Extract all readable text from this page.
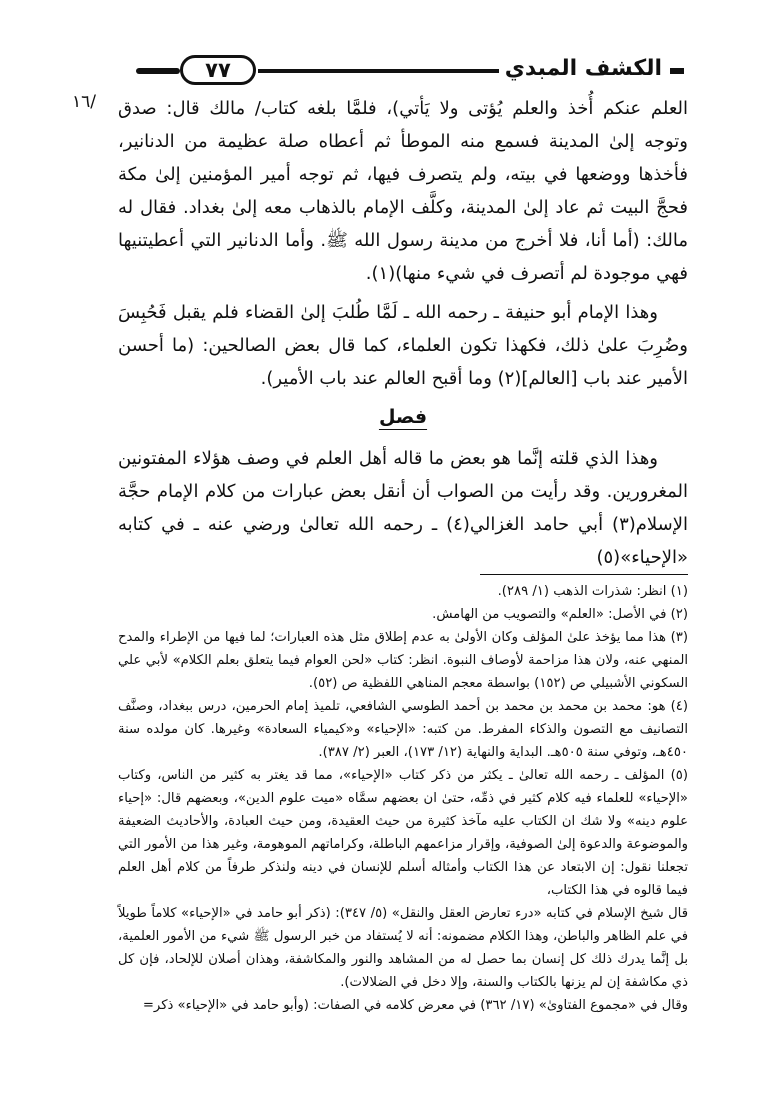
٧٧	الكشف المبدي
١٦/ العلم عنكم أُخذ والعلم يُؤتى ولا يَأتي)، فلمَّا بلغه كتاب/ مالك قال: صدق وتوجه إلىٰ المدينة فسمع منه الموطأ ثم أعطاه صلة عظيمة من الدنانير، فأخذها ووضعها في بيته، ولم يتصرف فيها، ثم توجه أمير المؤمنين إلىٰ مكة فحجَّ البيت ثم عاد إلىٰ المدينة، وكلَّف الإمام بالذهاب معه إلىٰ بغداد. فقال له مالك: (أما أنا، فلا أخرج من مدينة رسول الله ﷺ. وأما الدنانير التي أعطيتنيها فهي موجودة لم أتصرف في شيء منها)(١).

وهذا الإمام أبو حنيفة ـ رحمه الله ـ لَمَّا طُلبَ إلىٰ القضاء فلم يقبل فَحُبِسَ وضُرِبَ علىٰ ذلك، فكهذا تكون العلماء، كما قال بعض الصالحين: (ما أحسن الأمير عند باب [العالم](٢) وما أقبح العالم عند باب الأمير).

فصل

وهذا الذي قلته إنَّما هو بعض ما قاله أهل العلم في وصف هؤلاء المفتونين المغرورين. وقد رأيت من الصواب أن أنقل بعض عبارات من كلام الإمام حجَّة الإسلام(٣) أبي حامد الغزالي(٤) ـ رحمه الله تعالىٰ ورضي عنه ـ في كتابه «الإحياء»(٥)

(١) انظر: شذرات الذهب (١/ ٢٨٩).

(٢) في الأصل: «العلم» والتصويب من الهامش.

(٣) هذا مما يؤخذ علىٰ المؤلف وكان الأولىٰ به عدم إطلاق مثل هذه العبارات؛ لما فيها من الإطراء والمدح المنهي عنه، ولان هذا مزاحمة لأوصاف النبوة. انظر: كتاب «لحن العوام فيما يتعلق بعلم الكلام» لأبي علي السكوني الأشبيلي ص (١٥٢) بواسطة معجم المناهي اللفظية ص (٥٢).

(٤) هو: محمد بن محمد بن محمد بن أحمد الطوسي الشافعي، تلميذ إمام الحرمين، درس ببغداد، وصنَّف التصانيف مع التصون والذكاء المفرط. من كتبه: «الإحياء» و«كيمياء السعادة» وغيرها. كان مولده سنة ٤٥٠هـ، وتوفي سنة ٥٠٥هـ. البداية والنهاية (١٢/ ١٧٣)، العبر (٢/ ٣٨٧).

(٥) المؤلف ـ رحمه الله تعالىٰ ـ يكثر من ذكر كتاب «الإحياء»، مما قد يغتر به كثير من الناس، وكتاب «الإحياء» للعلماء فيه كلام كثير في ذمِّه، حتىٰ ان بعضهم سمَّاه «ميت علوم الدين»، وبعضهم قال: «إحياء علوم دينه» ولا شك ان الكتاب عليه مآخذ كثيرة من حيث العقيدة، ومن حيث العبادة، والأحاديث الضعيفة والموضوعة والدعوة إلىٰ الصوفية، وإقرار مزاعمهم الباطلة، وكراماتهم الموهومة، وغير هذا من الأمور التي تجعلنا نقول: إن الابتعاد عن هذا الكتاب وأمثاله أسلم للإنسان في دينه ولنذكر طرفاً من كلام أهل العلم فيما قالوه في هذا الكتاب،

قال شيخ الإسلام في كتابه «درء تعارض العقل والنقل» (٥/ ٣٤٧): (ذكر أبو حامد في «الإحياء» كلاماً طويلاً في علم الظاهر والباطن، وهذا الكلام مضمونه: أنه لا يُستفاد من خبر الرسول ﷺ شيء من الأمور العلمية، بل إنَّما يدرك ذلك كل إنسان بما حصل له من المشاهد والنور والمكاشفة، وهذان أصلان للإلحاد، فإن كل ذي مكاشفة إن لم يزنها بالكتاب والسنة، وإلا دخل في الضلالات).

وقال في «مجموع الفتاوىٰ» (١٧/ ٣٦٢) في معرض كلامه في الصفات: (وأبو حامد في «الإحياء» ذكر=
